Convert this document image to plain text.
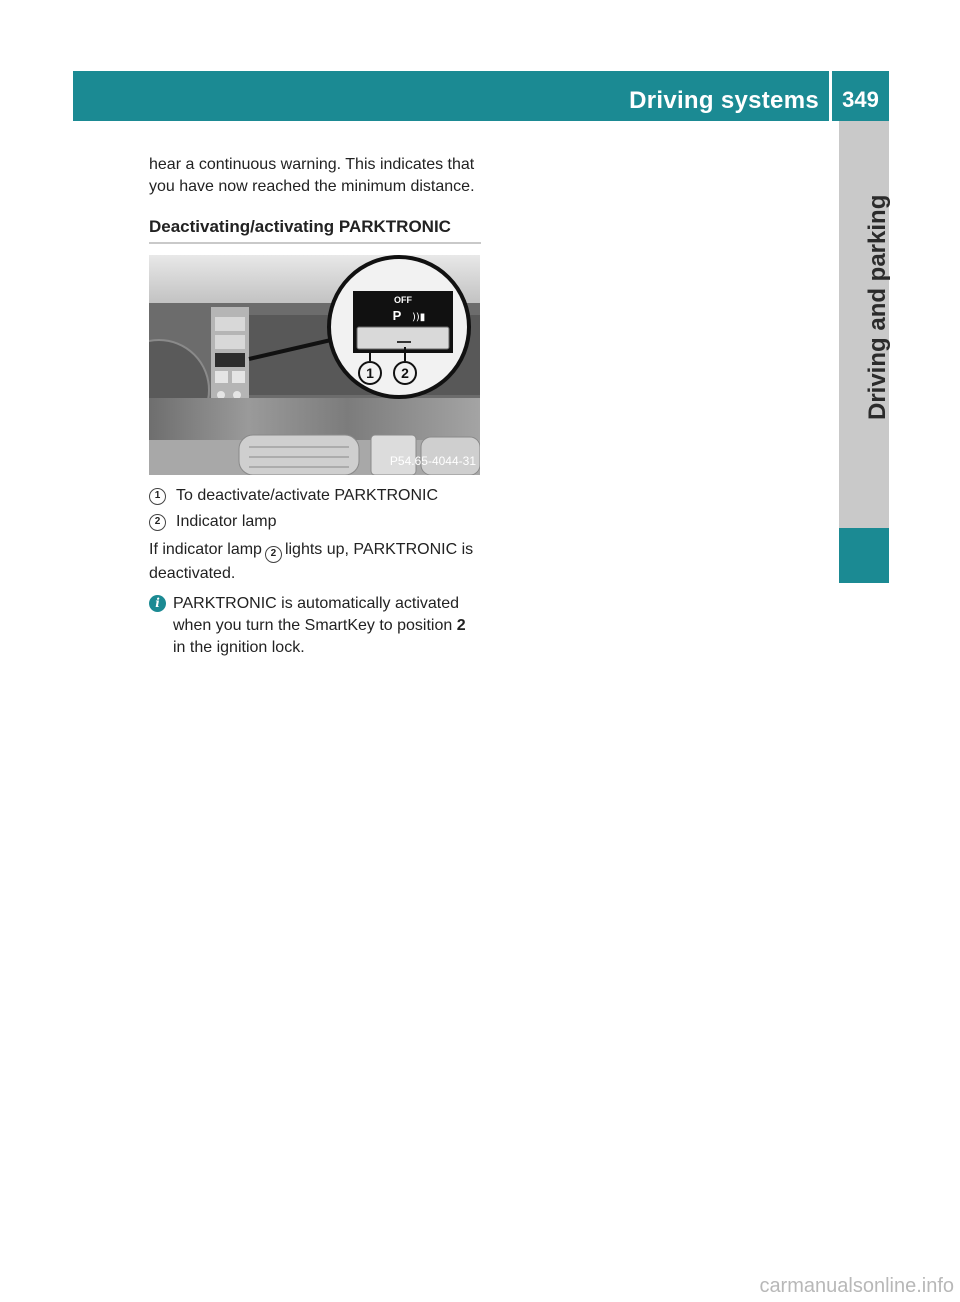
Driving systems	349
Driving and parking

hear a continuous warning. This indicates that

you have now reached the minimum distance.

Deactivating/activating PARKTRONIC
OFF
P ))▮
1 2
P54.65-4044-31
1 To deactivate/activate PARKTRONIC
2 Indicator lamp

If indicator lamp 2 lights up, PARKTRONIC is deactivated.

i PARKTRONIC is automatically activated when you turn the SmartKey to position 2 in the ignition lock.
carmanualsonline.info
